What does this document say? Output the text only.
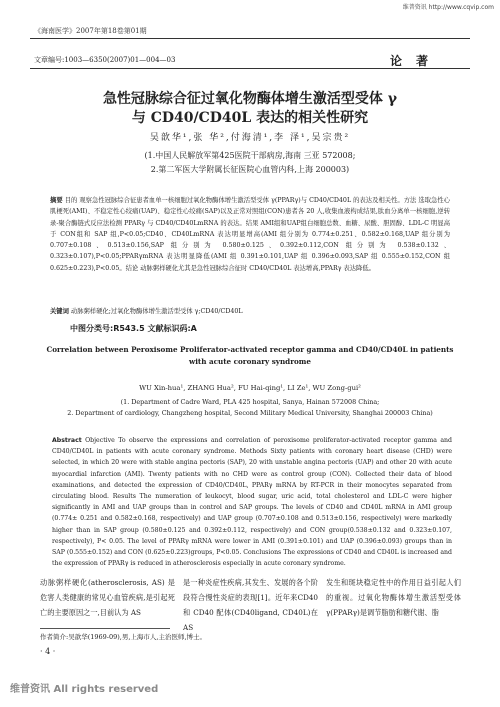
维普资讯 http://www.cqvip.com
《海南医学》2007年第18卷第01期
文章编号:1003—6350(2007)01—004—03	论著
急性冠脉综合征过氧化物酶体增生激活型受体 γ
与 CD40/CD40L 表达的相关性研究
吴歆华¹,张 华²,付海清¹,李 泽¹,吴宗贵²
(1.中国人民解放军第425医院干部病房,海南 三亚 572008;
2.第二军医大学附属长征医院心血管内科,上海 200003)
摘要 目的 观察急性冠脉综合征患者血单一核细胞过氧化物酶体增生激活型受体 γ(PPARγ)与 CD40/CD40L 的表达及相关性。方法 选取急性心肌梗死(AMI)、不稳定性心绞痛(UAP)、稳定性心绞痛(SAP)以及正常对照组(CON)患者各 20 人,收集血液构成结果,肽血分离单一核细胞,逆转录-聚合酶链式反应法检测 PPARγ 与 CD40/CD40LmRNA 的表达。结果 AMI组和UAP组白细胞总数、血糖、尿酸、胆固醇、LDL-C 明显高于 CON组和 SAP 组,P<0.05;CD40、CD40LmRNA 表达明显增高(AMI 组分别为 0.774±0.251、0.582±0.168,UAP 组分别为 0.707±0.108、0.513±0.156,SAP 组分别为 0.580±0.125、0.392±0.112,CON 组分别为 0.538±0.132、0.323±0.107),P<0.05;PPARγmRNA 表达明显降低(AMI 组 0.391±0.101,UAP 组 0.396±0.093,SAP 组 0.555±0.152,CON 组 0.625±0.223),P<0.05。结论 动脉粥样硬化尤其是急性冠脉综合征时 CD40/CD40L 表达增高,PPARγ 表达降低。
关键词 动脉粥样硬化;过氧化物酶体增生激活型受体 γ;CD40/CD40L
中图分类号:R543.5 文献标识码:A
Correlation between Peroxisome Proliferator-activated receptor gamma and CD40/CD40L in patients
with acute coronary syndrome
WU Xin-hua¹, ZHANG Hua², FU Hai-qing¹, LI Ze¹, WU Zong-gui²
(1. Department of Cadre Ward, PLA 425 hospital, Sanya, Hainan 572008 China;
2. Department of cardiology, Changzheng hospital, Second Military Medical University, Shanghai 200003 China)
Abstract Objective To observe the expressions and correlation of peroxisome proliferator-activated receptor gamma and CD40/CD40L in patients with acute coronary syndrome. Methods Sixty patients with coronary heart disease (CHD) were selected, in which 20 were with stable angina pectoris (SAP), 20 with unstable angina pectoris (UAP) and other 20 with acute myocardial infarction (AMI). Twenty patients with no CHD were as control group (CON). Collected their data of blood examinations, and detected the expression of CD40/CD40L, PPARγ mRNA by RT-PCR in their monocytes separated from circulating blood. Results The numeration of leukocyt, blood sugar, uric acid, total cholesterol and LDL-C were higher significantly in AMI and UAP groups than in control and SAP groups. The levels of CD40 and CD40L mRNA in AMI group (0.774± 0.251 and 0.582±0.168, respectively) and UAP group (0.707±0.108 and 0.513±0.156, respectively) were markedly higher than in SAP group (0.580±0.125 and 0.392±0.112, respectively) and CON group(0.538±0.132 and 0.323±0.107, respectively), P< 0.05. The level of PPARγ mRNA were lower in AMI (0.391±0.101) and UAP (0.396±0.093) groups than in SAP (0.555±0.152) and CON (0.625±0.223)groups, P<0.05. Conclusions The expressions of CD40 and CD40L is increased and the expression of PPARγ is reduced in atherosclerosis especially in acute coronary syndrome.
动脉粥样硬化(atherosclerosis, AS) 是危害人类健康的常见心血管疾病,是引起死亡的主要原因之一,目前认为 AS
是一种炎症性疾病,其发生、发展的各个阶段符合慢性炎症的表现[1]。近年来CD40 和 CD40 配体(CD40ligand, CD40L)在 AS
发生和斑块稳定性中的作用日益引起人们的重视。过氧化物酶体增生激活型受体 γ(PPARγ)是调节脂肪和糖代谢、脂
作者简介:吴歆华(1969-09),男,上海市人,主治医师,博士。
· 4 ·
维普资讯 All rights reserved
